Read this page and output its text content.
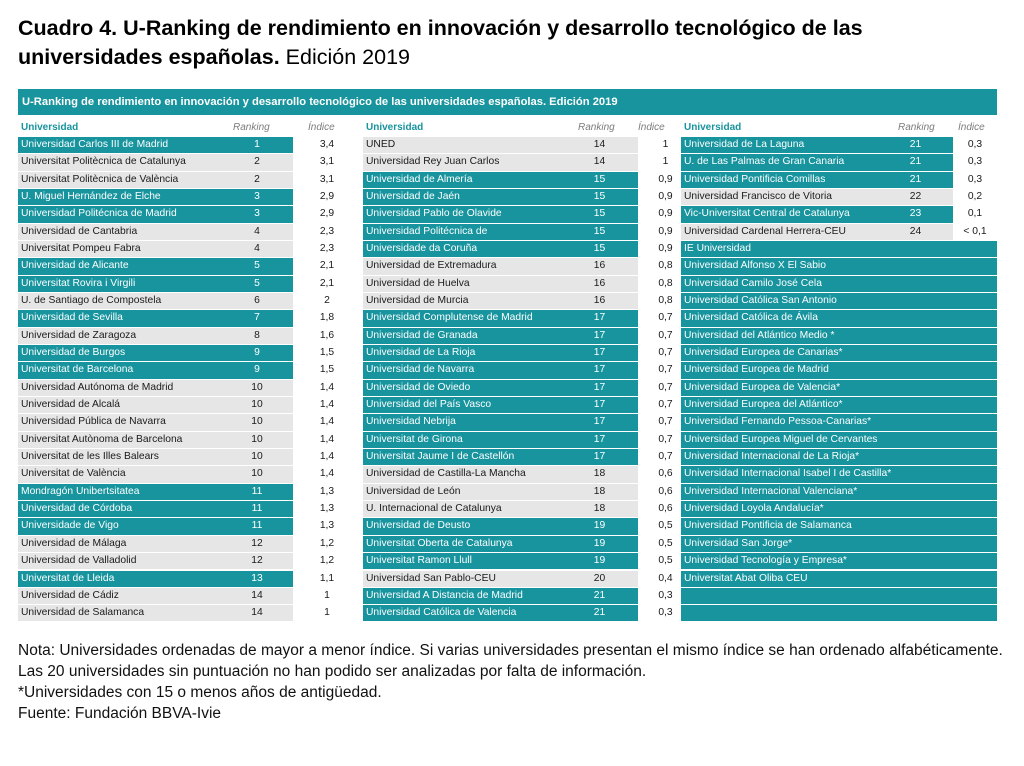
Cuadro 4. U-Ranking de rendimiento en innovación y desarrollo tecnológico de las universidades españolas. Edición 2019
U-Ranking de rendimiento en innovación y desarrollo tecnológico de las universidades españolas. Edición 2019
Universidad	Ranking	Índice
Universidad Carlos III de Madrid	1	3,4
Universitat Politècnica de Catalunya	2	3,1
Universitat Politècnica de València	2	3,1
U. Miguel Hernández de Elche	3	2,9
Universidad Politécnica de Madrid	3	2,9
Universidad de Cantabria	4	2,3
Universitat Pompeu Fabra	4	2,3
Universidad de Alicante	5	2,1
Universitat Rovira i Virgili	5	2,1
U. de Santiago de Compostela	6	2
Universidad de Sevilla	7	1,8
Universidad de Zaragoza	8	1,6
Universidad de Burgos	9	1,5
Universitat de Barcelona	9	1,5
Universidad Autónoma de Madrid	10	1,4
Universidad de Alcalá	10	1,4
Universidad Pública de Navarra	10	1,4
Universitat Autònoma de Barcelona	10	1,4
Universitat de les Illes Balears	10	1,4
Universitat de València	10	1,4
Mondragón Unibertsitatea	11	1,3
Universidad de Córdoba	11	1,3
Universidade de Vigo	11	1,3
Universidad de Málaga	12	1,2
Universidad de Valladolid	12	1,2
Universitat de Lleida	13	1,1
Universidad de Cádiz	14	1
Universidad de Salamanca	14	1
Universidad	Ranking Índice
UNED	14	1
Universidad Rey Juan Carlos	14	1
Universidad de Almería	15	0,9
Universidad de Jaén	15	0,9
Universidad Pablo de Olavide	15	0,9
Universidad Politécnica de	15	0,9
Universidade da Coruña	15	0,9
Universidad de Extremadura	16	0,8
Universidad de Huelva	16	0,8
Universidad de Murcia	16	0,8
Universidad Complutense de Madrid	17	0,7
Universidad de Granada	17	0,7
Universidad de La Rioja	17	0,7
Universidad de Navarra	17	0,7
Universidad de Oviedo	17	0,7
Universidad del País Vasco	17	0,7
Universidad Nebrija	17	0,7
Universitat de Girona	17	0,7
Universitat Jaume I de Castellón	17	0,7
Universidad de Castilla-La Mancha	18	0,6
Universidad de León	18	0,6
U. Internacional de Catalunya	18	0,6
Universidad de Deusto	19	0,5
Universitat Oberta de Catalunya	19	0,5
Universitat Ramon Llull	19	0,5
Universidad San Pablo-CEU	20	0,4
Universidad A Distancia de Madrid	21	0,3
Universidad Católica de Valencia	21	0,3
Universidad	Ranking Índice
Universidad de La Laguna	21	0,3
U. de Las Palmas de Gran Canaria	21	0,3
Universidad Pontificia Comillas	21	0,3
Universidad Francisco de Vitoria	22	0,2
Vic-Universitat Central de Catalunya	23	0,1
Universidad Cardenal Herrera-CEU	24	< 0,1
IE Universidad
Universidad Alfonso X El Sabio
Universidad Camilo José Cela
Universidad Católica San Antonio
Universidad Católica de Ávila
Universidad del Atlántico Medio *
Universidad Europea de Canarias*
Universidad Europea de Madrid
Universidad Europea de Valencia*
Universidad Europea del Atlántico*
Universidad Fernando Pessoa-Canarias*
Universidad Europea Miguel de Cervantes
Universidad Internacional de La Rioja*
Universidad Internacional Isabel I de Castilla*
Universidad Internacional Valenciana*
Universidad Loyola Andalucía*
Universidad Pontificia de Salamanca
Universidad San Jorge*
Universidad Tecnología y Empresa*
Universitat Abat Oliba CEU
Nota: Universidades ordenadas de mayor a menor índice. Si varias universidades presentan el mismo índice se han ordenado alfabéticamente. Las 20 universidades sin puntuación no han podido ser analizadas por falta de información.
*Universidades con 15 o menos años de antigüedad.
Fuente: Fundación BBVA-Ivie
